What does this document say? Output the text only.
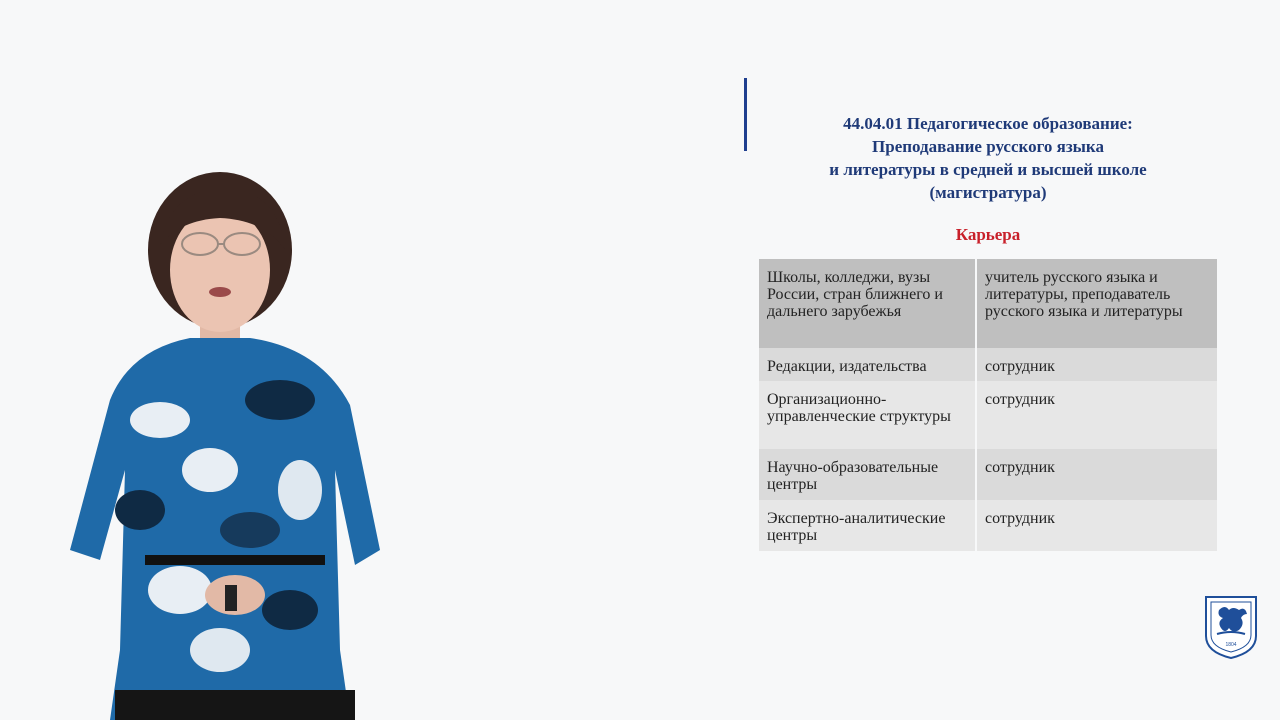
44.04.01 Педагогическое образование:
Преподавание русского языка
и литературы в средней и высшей школе
(магистратура)
Карьера
Школы, колледжи, вузы России, стран ближнего и дальнего зарубежья	учитель русского языка и литературы, преподаватель русского языка и литературы
Редакции, издательства	сотрудник
Организационно-управленческие структуры	сотрудник
Научно-образовательные центры	сотрудник
Экспертно-аналитические центры	сотрудник
1804
